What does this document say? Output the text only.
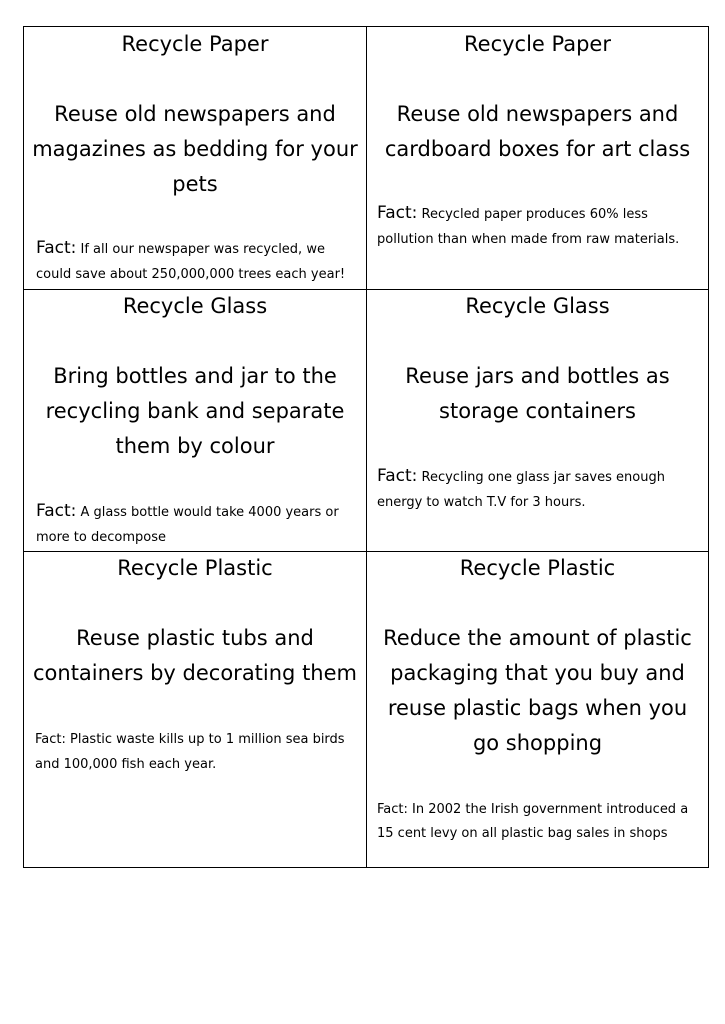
Recycle Paper
Reuse old newspapers and magazines as bedding for your pets
Fact: If all our newspaper was recycled, we could save about 250,000,000 trees each year!
Recycle Paper
Reuse old newspapers and cardboard boxes for art class
Fact: Recycled paper produces 60% less pollution than when made from raw materials.
Recycle Glass
Bring bottles and jar to the recycling bank and separate them by colour
Fact: A glass bottle would take 4000 years or more to decompose
Recycle Glass
Reuse jars and bottles as storage containers
Fact: Recycling one glass jar saves enough energy to watch T.V for 3 hours.
Recycle Plastic
Reuse plastic tubs and containers by decorating them
Fact: Plastic waste kills up to 1 million sea birds and 100,000 fish each year.
Recycle Plastic
Reduce the amount of plastic packaging that you buy and reuse plastic bags when you go shopping
Fact: In 2002 the Irish government introduced a 15 cent levy on all plastic bag sales in shops
